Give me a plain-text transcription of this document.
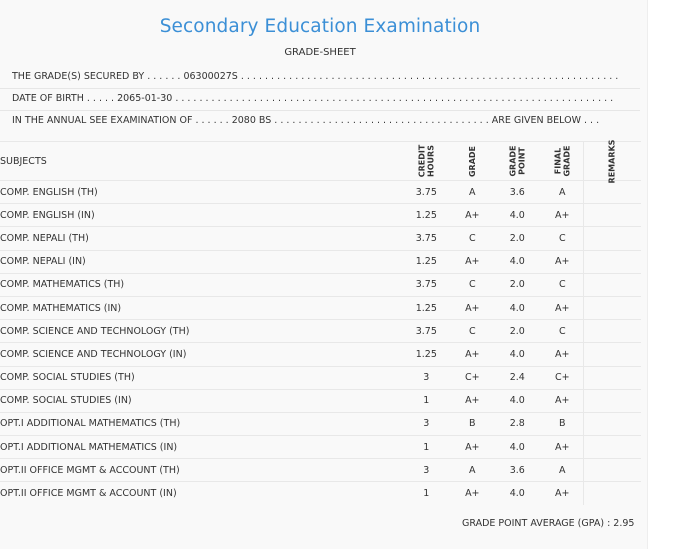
Secondary Education Examination
GRADE-SHEET
THE GRADE(S) SECURED BY . . . . . . 06300027S . . . . . . . . . . . . . . . . . . . . . . . . . . . . . . . . . . . . . . . . . . . . . . . . . . . . . . . . . . . . . . .
DATE OF BIRTH . . . . . 2065-01-30 . . . . . . . . . . . . . . . . . . . . . . . . . . . . . . . . . . . . . . . . . . . . . . . . . . . . . . . . . . . . . . . . . . . . . . . . .
IN THE ANNUAL SEE EXAMINATION OF . . . . . . 2080 BS . . . . . . . . . . . . . . . . . . . . . . . . . . . . . . . . . . . . ARE GIVEN BELOW . . .
SUBJECTS	CREDIT HOURS	GRADE	GRADE POINT	FINAL GRADE	REMARKS

COMP. ENGLISH (TH)	3.75	A	3.6	A	
COMP. ENGLISH (IN)	1.25	A+	4.0	A+	
COMP. NEPALI (TH)	3.75	C	2.0	C	
COMP. NEPALI (IN)	1.25	A+	4.0	A+	
COMP. MATHEMATICS (TH)	3.75	C	2.0	C	
COMP. MATHEMATICS (IN)	1.25	A+	4.0	A+	
COMP. SCIENCE AND TECHNOLOGY (TH)	3.75	C	2.0	C	
COMP. SCIENCE AND TECHNOLOGY (IN)	1.25	A+	4.0	A+	
COMP. SOCIAL STUDIES (TH)	3	C+	2.4	C+	
COMP. SOCIAL STUDIES (IN)	1	A+	4.0	A+	
OPT.I ADDITIONAL MATHEMATICS (TH)	3	B	2.8	B	
OPT.I ADDITIONAL MATHEMATICS (IN)	1	A+	4.0	A+	
OPT.II OFFICE MGMT & ACCOUNT (TH)	3	A	3.6	A	
OPT.II OFFICE MGMT & ACCOUNT (IN)	1	A+	4.0	A+	
GRADE POINT AVERAGE (GPA) : 2.95
